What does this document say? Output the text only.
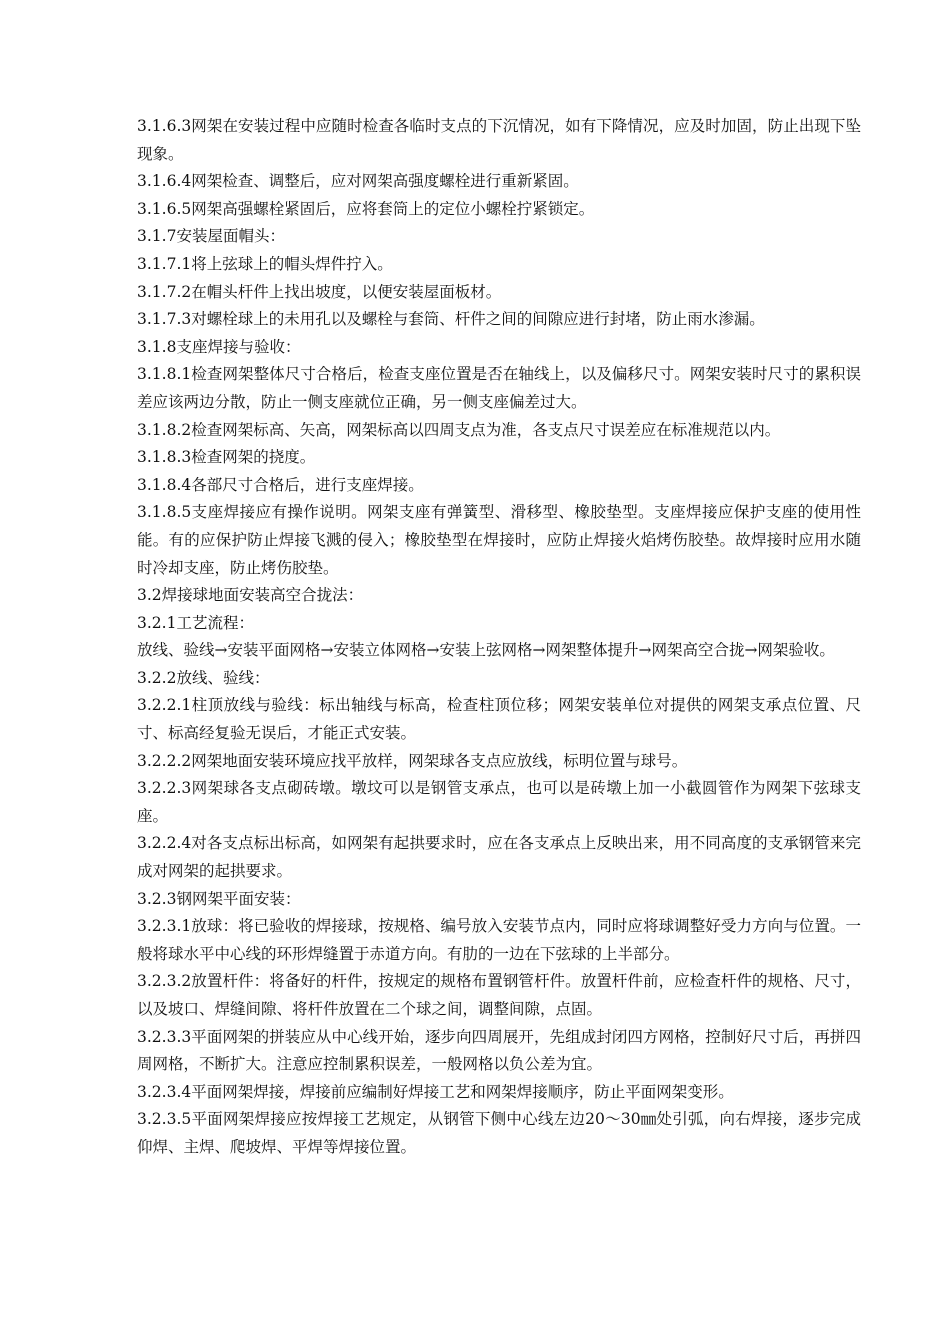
3.1.6.3网架在安装过程中应随时检查各临时支点的下沉情况，如有下降情况，应及时加固，防止出现下坠现象。

3.1.6.4网架检查、调整后，应对网架高强度螺栓进行重新紧固。

3.1.6.5网架高强螺栓紧固后，应将套筒上的定位小螺栓拧紧锁定。

3.1.7安装屋面帽头：

3.1.7.1将上弦球上的帽头焊件拧入。

3.1.7.2在帽头杆件上找出坡度，以便安装屋面板材。

3.1.7.3对螺栓球上的未用孔以及螺栓与套筒、杆件之间的间隙应进行封堵，防止雨水渗漏。

3.1.8支座焊接与验收：

3.1.8.1检查网架整体尺寸合格后，检查支座位置是否在轴线上，以及偏移尺寸。网架安装时尺寸的累积误差应该两边分散，防止一侧支座就位正确，另一侧支座偏差过大。

3.1.8.2检查网架标高、矢高，网架标高以四周支点为准，各支点尺寸误差应在标准规范以内。

3.1.8.3检查网架的挠度。

3.1.8.4各部尺寸合格后，进行支座焊接。

3.1.8.5支座焊接应有操作说明。网架支座有弹簧型、滑移型、橡胶垫型。支座焊接应保护支座的使用性能。有的应保护防止焊接飞溅的侵入；橡胶垫型在焊接时，应防止焊接火焰烤伤胶垫。故焊接时应用水随时冷却支座，防止烤伤胶垫。

3.2焊接球地面安装高空合拢法：

3.2.1工艺流程：

放线、验线→安装平面网格→安装立体网格→安装上弦网格→网架整体提升→网架高空合拢→网架验收。

3.2.2放线、验线：

3.2.2.1柱顶放线与验线：标出轴线与标高，检查柱顶位移；网架安装单位对提供的网架支承点位置、尺寸、标高经复验无误后，才能正式安装。

3.2.2.2网架地面安装环境应找平放样，网架球各支点应放线，标明位置与球号。

3.2.2.3网架球各支点砌砖墩。墩坟可以是钢管支承点，也可以是砖墩上加一小截圆管作为网架下弦球支座。

3.2.2.4对各支点标出标高，如网架有起拱要求时，应在各支承点上反映出来，用不同高度的支承钢管来完成对网架的起拱要求。

3.2.3钢网架平面安装：

3.2.3.1放球：将已验收的焊接球，按规格、编号放入安装节点内，同时应将球调整好受力方向与位置。一般将球水平中心线的环形焊缝置于赤道方向。有肋的一边在下弦球的上半部分。

3.2.3.2放置杆件：将备好的杆件，按规定的规格布置钢管杆件。放置杆件前，应检查杆件的规格、尺寸，以及坡口、焊缝间隙、将杆件放置在二个球之间，调整间隙，点固。

3.2.3.3平面网架的拼装应从中心线开始，逐步向四周展开，先组成封闭四方网格，控制好尺寸后，再拼四周网格，不断扩大。注意应控制累积误差，一般网格以负公差为宜。

3.2.3.4平面网架焊接，焊接前应编制好焊接工艺和网架焊接顺序，防止平面网架变形。

3.2.3.5平面网架焊接应按焊接工艺规定，从钢管下侧中心线左边20～30㎜处引弧，向右焊接，逐步完成仰焊、主焊、爬坡焊、平焊等焊接位置。
